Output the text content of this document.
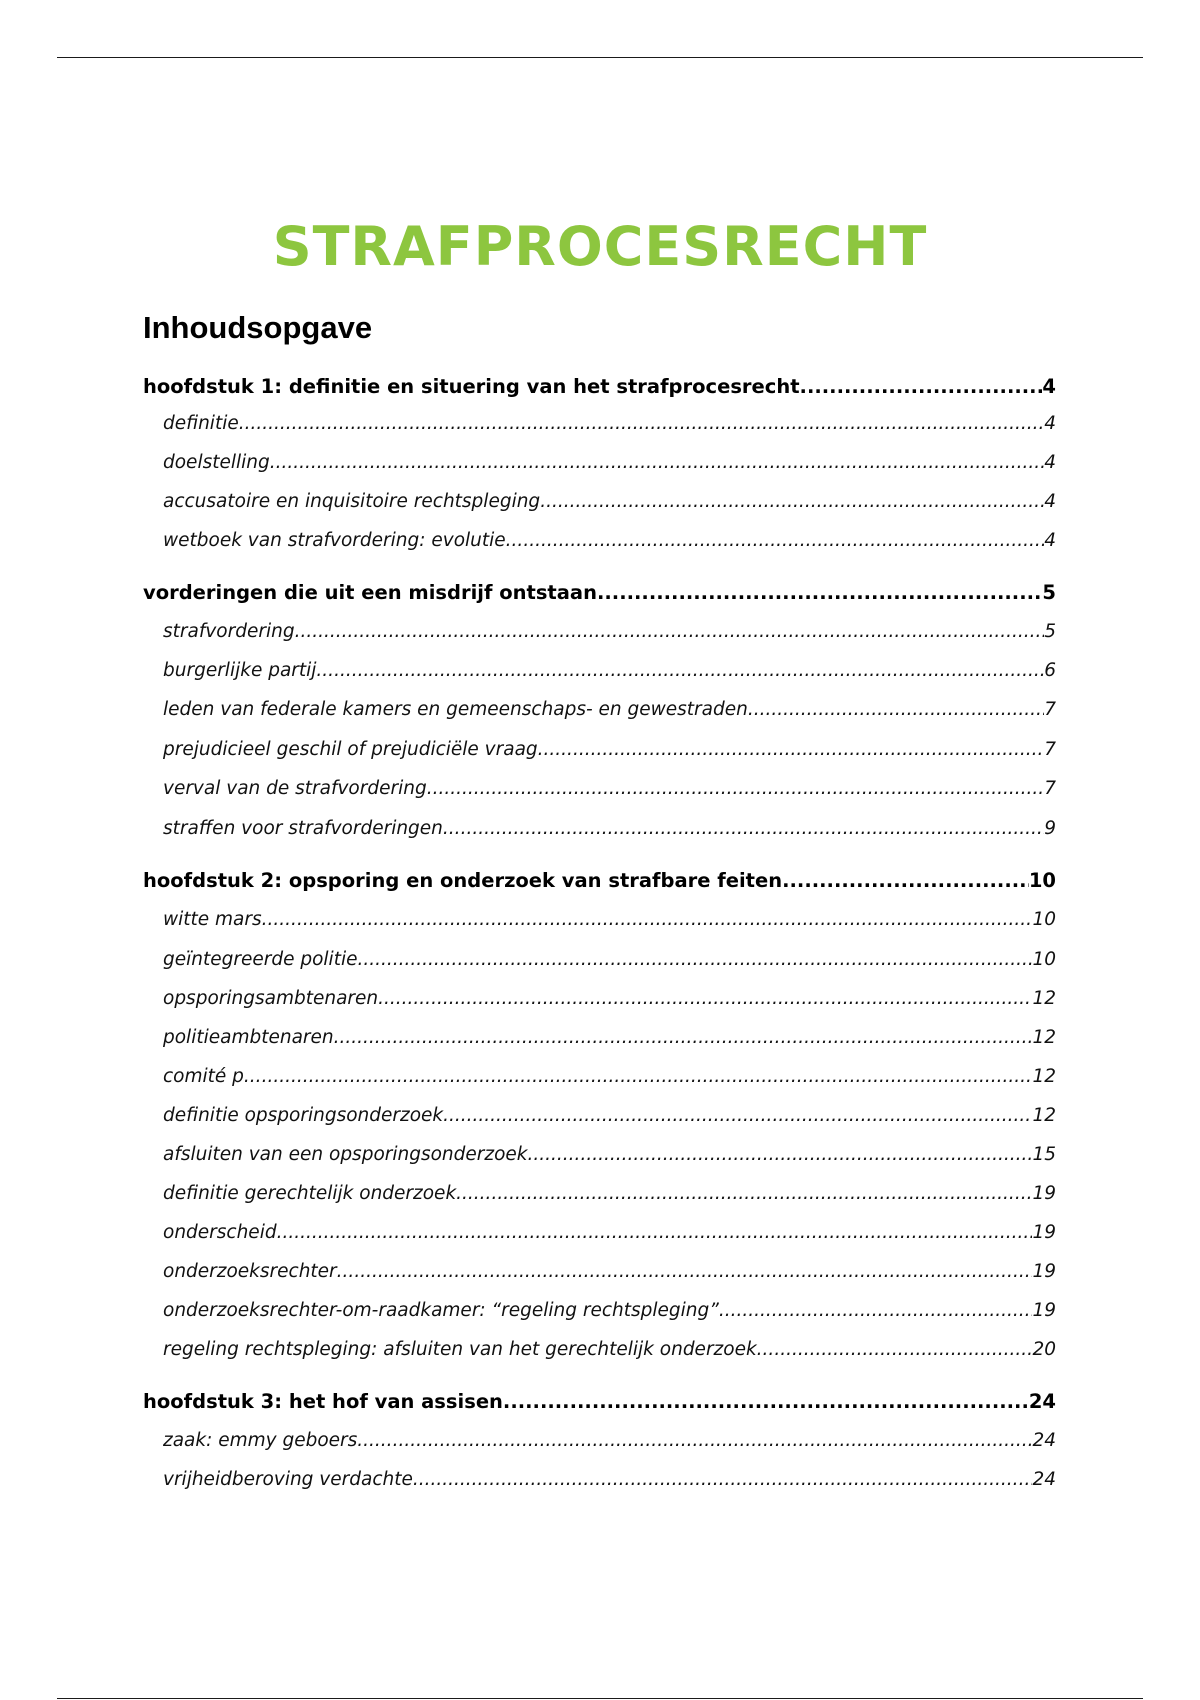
STRAFPROCESRECHT
Inhoudsopgave
hoofdstuk 1: definitie en situering van het strafprocesrecht .....	4
definitie .....	4
doelstelling .....	4
accusatoire en inquisitoire rechtspleging .....	4
wetboek van strafvordering: evolutie .....	4
vorderingen die uit een misdrijf ontstaan .....	5
strafvordering .....	5
burgerlijke partij .....	6
leden van federale kamers en gemeenschaps- en gewestraden .....	7
prejudicieel geschil of prejudiciële vraag .....	7
verval van de strafvordering .....	7
straffen voor strafvorderingen .....	9
hoofdstuk 2: opsporing en onderzoek van strafbare feiten .....	10
witte mars .....	10
geïntegreerde politie .....	10
opsporingsambtenaren .....	12
politieambtenaren .....	12
comité p .....	12
definitie opsporingsonderzoek .....	12
afsluiten van een opsporingsonderzoek .....	15
definitie gerechtelijk onderzoek .....	19
onderscheid .....	19
onderzoeksrechter .....	19
onderzoeksrechter-om-raadkamer: “regeling rechtspleging” .....	19
regeling rechtspleging: afsluiten van het gerechtelijk onderzoek .....	20
hoofdstuk 3: het hof van assisen .....	24
zaak: emmy geboers .....	24
vrijheidberoving verdachte .....	24
